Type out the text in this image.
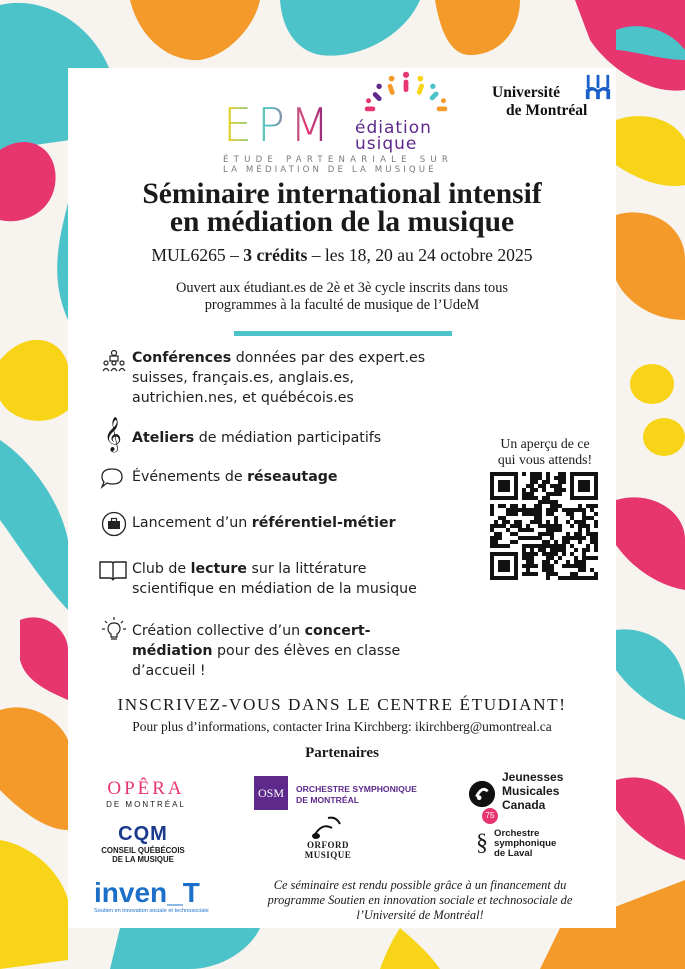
EPM édiation
usique
ÉTUDE PARTENARIALE SUR
LA MÉDIATION DE LA MUSIQUE
Université
de Montréal
Séminaire international intensif
en médiation de la musique
MUL6265 – 3 crédits – les 18, 20 au 24 octobre 2025
Ouvert aux étudiant.es de 2è et 3è cycle inscrits dans tous
programmes à la faculté de musique de l’UdeM
Conférences données par des expert.es
suisses, français.es, anglais.es,
autrichien.nes, et québécois.es
𝄞 Ateliers de médiation participatifs
Événements de réseautage
Lancement d’un référentiel-métier
Club de lecture sur la littérature
scientifique en médiation de la musique
Création collective d’un concert-
médiation pour des élèves en classe
d’accueil !
Un aperçu de ce
qui vous attends!
INSCRIVEZ-VOUS DANS LE CENTRE ÉTUDIANT!
Pour plus d’informations, contacter Irina Kirchberg: ikirchberg@umontreal.ca
Partenaires
OPÊRA
DE MONTRÉAL
OSM	ORCHESTRE SYMPHONIQUE
DE MONTRÉAL
75
Jeunesses
Musicales
Canada
CQM
CONSEIL QUÉBÉCOIS
DE LA MUSIQUE
ORFORD
MUSIQUE	§ Orchestre
symphonique
de Laval
inven_T
Soutien en innovation sociale et technosociale
Ce séminaire est rendu possible grâce à un financement du
programme Soutien en innovation sociale et technosociale de
l’Université de Montréal!
